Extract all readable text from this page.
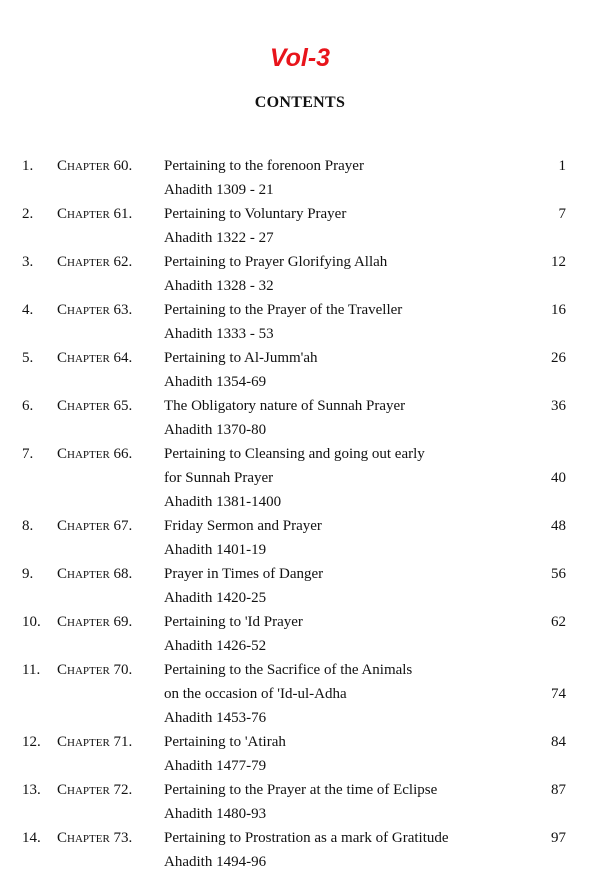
Vol-3
CONTENTS
1. Chapter 60. Pertaining to the forenoon Prayer	1
Ahadith 1309 - 21
2. Chapter 61. Pertaining to Voluntary Prayer	7
Ahadith 1322 - 27
3. Chapter 62. Pertaining to Prayer Glorifying Allah	12
Ahadith 1328 - 32
4. Chapter 63. Pertaining to the Prayer of the Traveller	16
Ahadith 1333 - 53
5. Chapter 64. Pertaining to Al-Jumm'ah	26
Ahadith 1354-69
6. Chapter 65. The Obligatory nature of Sunnah Prayer	36
Ahadith 1370-80
7. Chapter 66. Pertaining to Cleansing and going out early
for Sunnah Prayer	40
Ahadith 1381-1400
8. Chapter 67. Friday Sermon and Prayer	48
Ahadith 1401-19
9. Chapter 68. Prayer in Times of Danger	56
Ahadith 1420-25
10. Chapter 69. Pertaining to 'Id Prayer	62
Ahadith 1426-52
11. Chapter 70. Pertaining to the Sacrifice of the Animals
on the occasion of 'Id-ul-Adha	74
Ahadith 1453-76
12. Chapter 71. Pertaining to 'Atirah	84
Ahadith 1477-79
13. Chapter 72. Pertaining to the Prayer at the time of Eclipse	87
Ahadith 1480-93
14. Chapter 73. Pertaining to Prostration as a mark of Gratitude	97
Ahadith 1494-96
